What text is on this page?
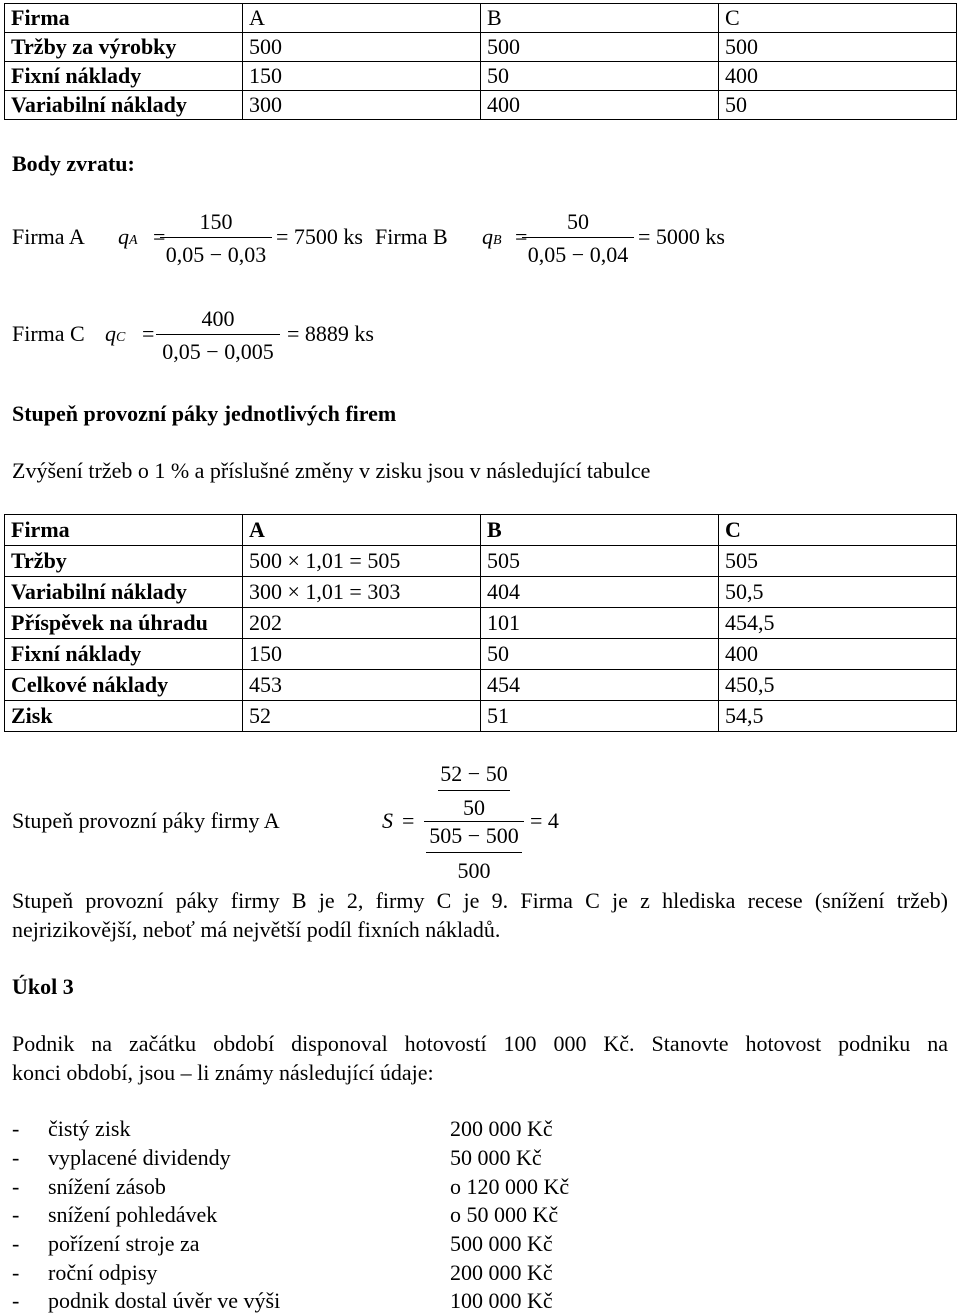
Firma	A	B	C
Tržby za výrobky	500	500	500
Fixní náklady	150	50	400
Variabilní náklady	300	400	50
Body zvratu:
Firma A qA =
150
0,05 − 0,03
= 7500 ks Firma B qB =
50
0,05 − 0,04
= 5000 ks
Firma C qC =
400
0,05 − 0,005
= 8889 ks
Stupeň provozní páky jednotlivých firem
Zvýšení tržeb o 1 % a příslušné změny v zisku jsou v následující tabulce
Firma	A	B	C
Tržby	500 × 1,01 = 505	505	505
Variabilní náklady	300 × 1,01 = 303	404	50,5
Příspěvek na úhradu	202	101	454,5
Fixní náklady	150	50	400
Celkové náklady	453	454	450,5
Zisk	52	51	54,5
Stupeň provozní páky firmy A	S =
52 − 50
50
505 − 500
500
= 4
Stupeň provozní páky firmy B je 2, firmy C je 9. Firma C je z hlediska recese (snížení tržeb)
nejrizikovější, neboť má největší podíl fixních nákladů.
Úkol 3
Podnik na začátku období disponoval hotovostí 100 000 Kč. Stanovte hotovost podniku na
konci období, jsou – li známy následující údaje:
- čistý zisk	200 000 Kč
- vyplacené dividendy	50 000 Kč
- snížení zásob	o 120 000 Kč
- snížení pohledávek	o 50 000 Kč
- pořízení stroje za	500 000 Kč
- roční odpisy	200 000 Kč
- podnik dostal úvěr ve výši	100 000 Kč
